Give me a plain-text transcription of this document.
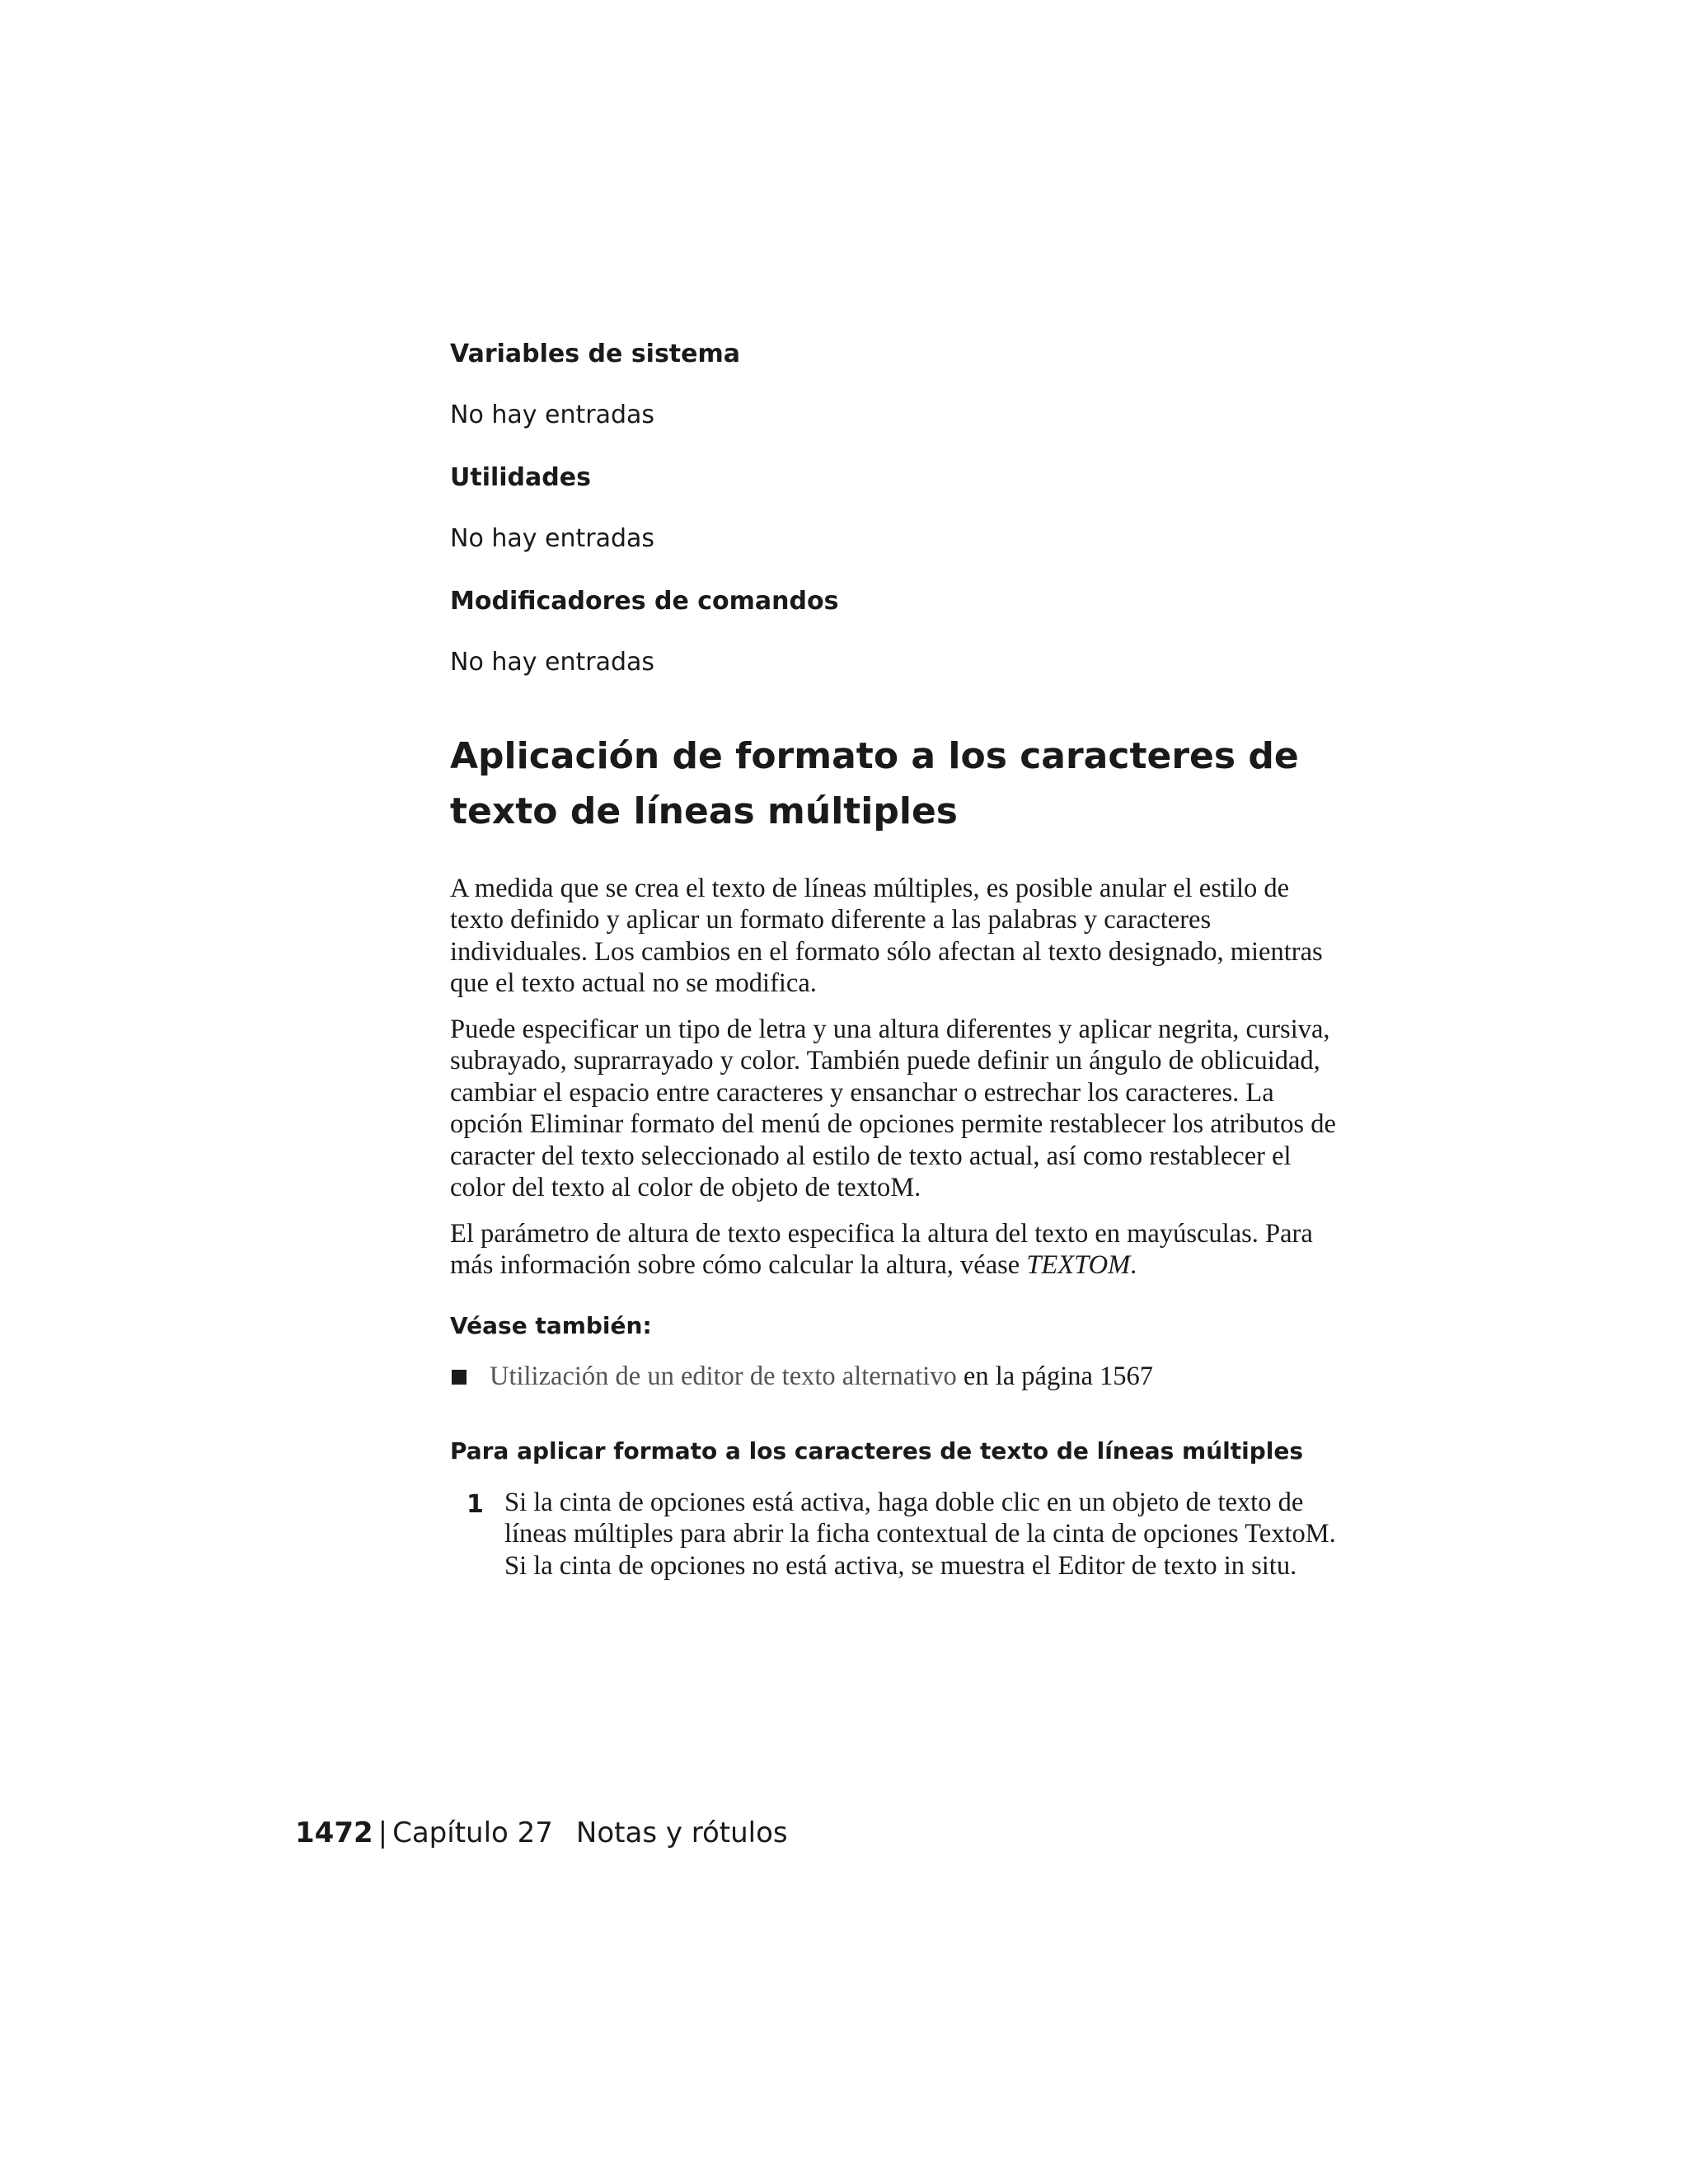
Variables de sistema

No hay entradas

Utilidades

No hay entradas

Modificadores de comandos

No hay entradas

Aplicación de formato a los caracteres de texto de líneas múltiples

A medida que se crea el texto de líneas múltiples, es posible anular el estilo de texto definido y aplicar un formato diferente a las palabras y caracteres individuales. Los cambios en el formato sólo afectan al texto designado, mientras que el texto actual no se modifica.

Puede especificar un tipo de letra y una altura diferentes y aplicar negrita, cursiva, subrayado, suprarrayado y color. También puede definir un ángulo de oblicuidad, cambiar el espacio entre caracteres y ensanchar o estrechar los caracteres. La opción Eliminar formato del menú de opciones permite restablecer los atributos de caracter del texto seleccionado al estilo de texto actual, así como restablecer el color del texto al color de objeto de textoM.

El parámetro de altura de texto especifica la altura del texto en mayúsculas. Para más información sobre cómo calcular la altura, véase TEXTOM.

Véase también:
Utilización de un editor de texto alternativo en la página 1567
Para aplicar formato a los caracteres de texto de líneas múltiples
1 Si la cinta de opciones está activa, haga doble clic en un objeto de texto de líneas múltiples para abrir la ficha contextual de la cinta de opciones TextoM. Si la cinta de opciones no está activa, se muestra el Editor de texto in situ.

1472 | Capítulo 27 Notas y rótulos
